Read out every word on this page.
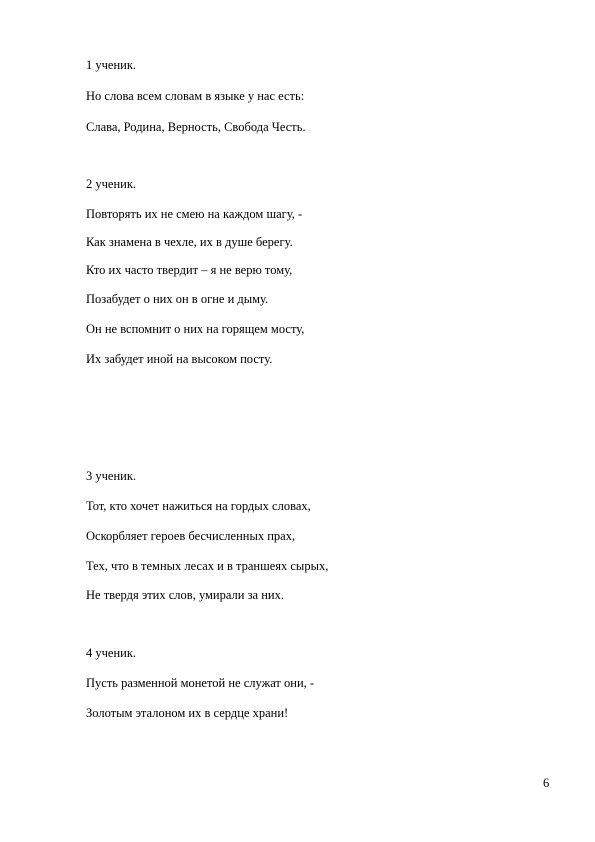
1 ученик.
Но слова всем словам в языке у нас есть:
Слава, Родина, Верность, Свобода Честь.
2 ученик.
Повторять их не смею на каждом шагу, -
Как знамена в чехле, их в душе берегу.
Кто их часто твердит – я не верю тому,
Позабудет о них он в огне и дыму.
Он не вспомнит о них на горящем мосту,
Их забудет иной на высоком посту.
3 ученик.
Тот, кто хочет нажиться на гордых словах,
Оскорбляет героев бесчисленных прах,
Тех, что в темных лесах и в траншеях сырых,
Не твердя этих слов, умирали за них.
4 ученик.
Пусть разменной монетой не служат они, -
Золотым эталоном их в сердце храни!
6
